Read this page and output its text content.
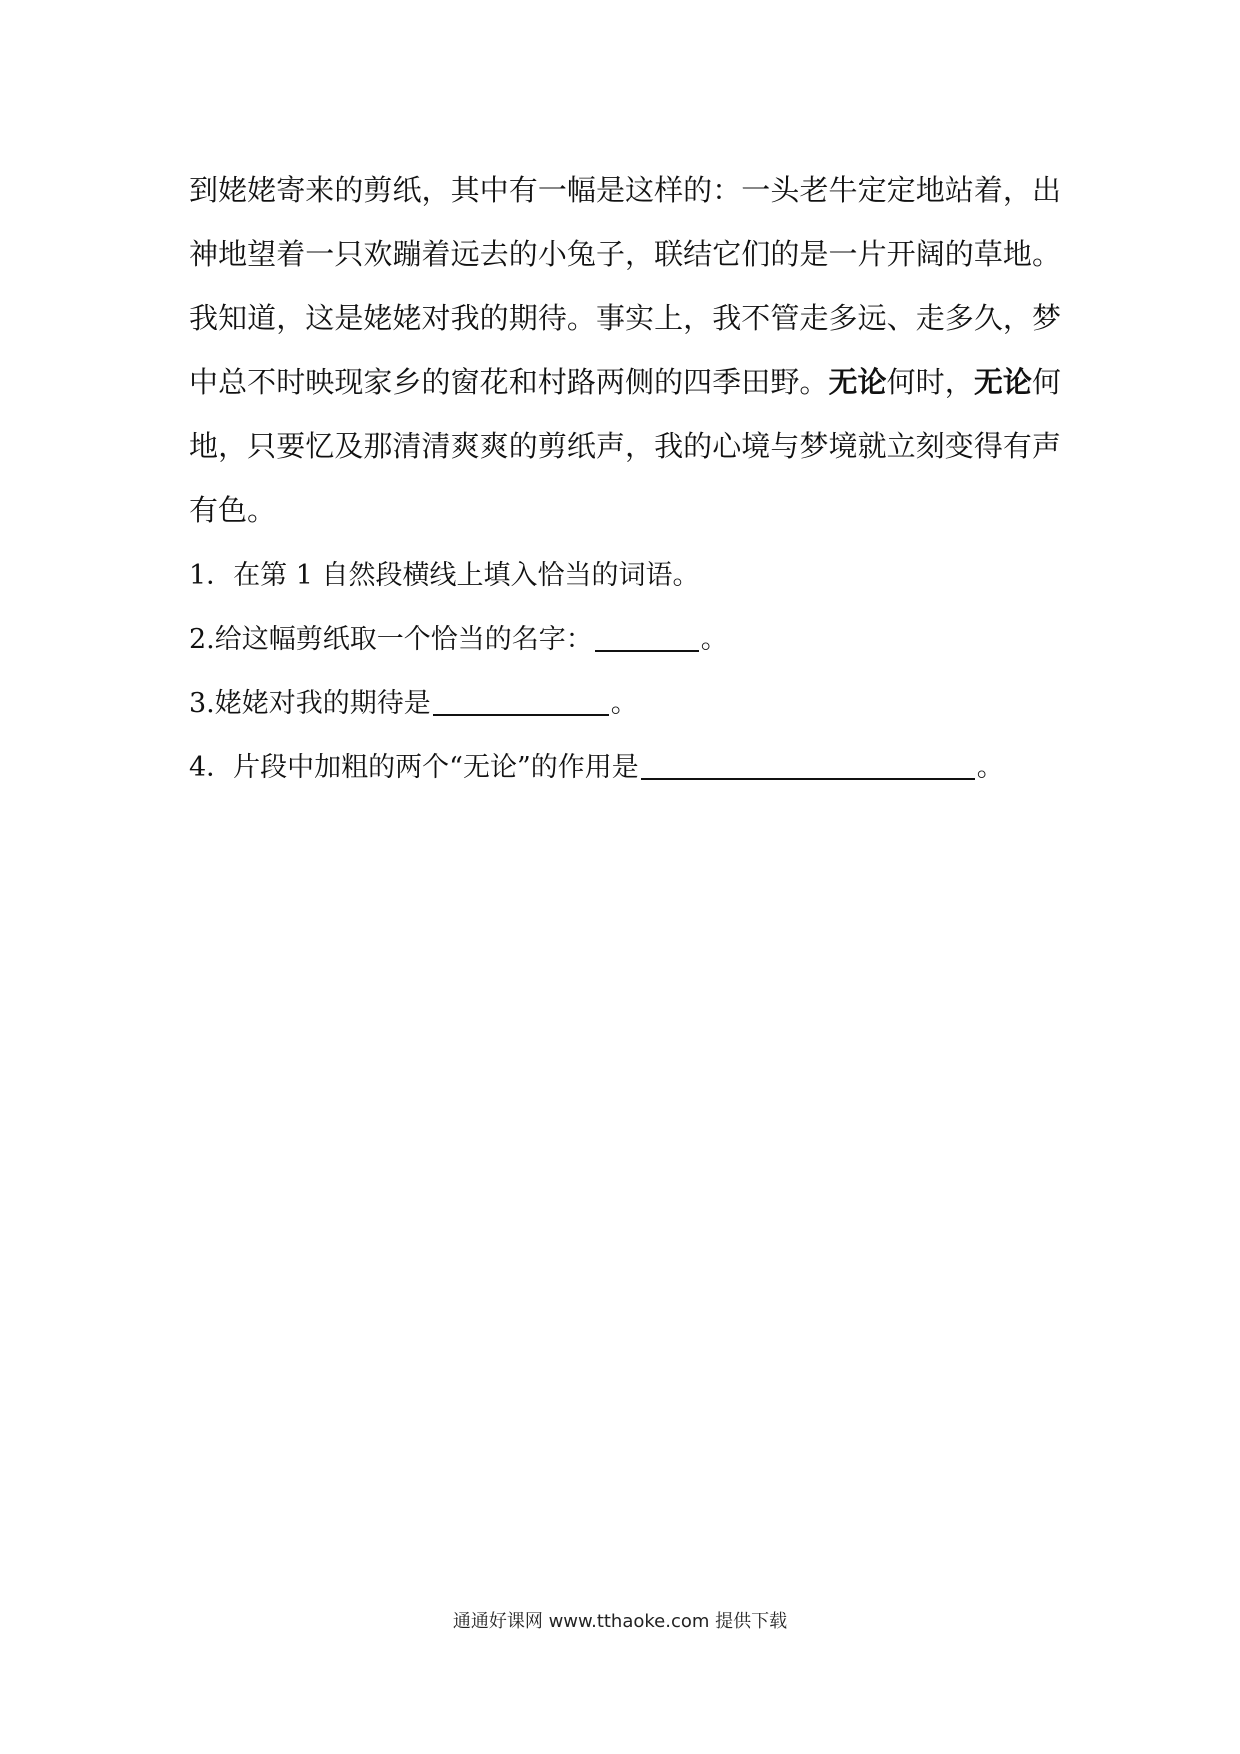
到姥姥寄来的剪纸，其中有一幅是这样的：一头老牛定定地站着，出
神地望着一只欢蹦着远去的小兔子，联结它们的是一片开阔的草地。
我知道，这是姥姥对我的期待。事实上，我不管走多远、走多久，梦
中总不时映现家乡的窗花和村路两侧的四季田野。无论何时，无论何
地，只要忆及那清清爽爽的剪纸声，我的心境与梦境就立刻变得有声
有色。
1．在第 1 自然段横线上填入恰当的词语。
2.给这幅剪纸取一个恰当的名字：	。
3.姥姥对我的期待是	。
4．片段中加粗的两个“无论”的作用是	。
通通好课网 www.tthaoke.com 提供下载
